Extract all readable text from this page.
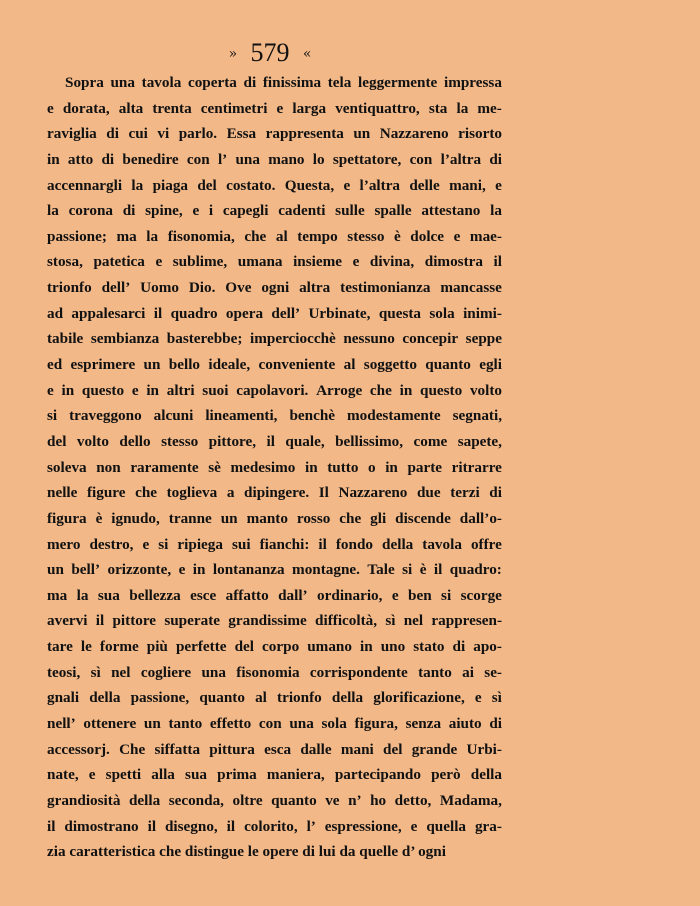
» 579 «
Sopra una tavola coperta di finissima tela leggermente impressa
e dorata, alta trenta centimetri e larga ventiquattro, sta la me-
raviglia di cui vi parlo. Essa rappresenta un Nazzareno risorto
in atto di benedire con l’ una mano lo spettatore, con l’altra di
accennargli la piaga del costato. Questa, e l’altra delle mani, e
la corona di spine, e i capegli cadenti sulle spalle attestano la
passione; ma la fisonomia, che al tempo stesso è dolce e mae-
stosa, patetica e sublime, umana insieme e divina, dimostra il
trionfo dell’ Uomo Dio. Ove ogni altra testimonianza mancasse
ad appalesarci il quadro opera dell’ Urbinate, questa sola inimi-
tabile sembianza basterebbe; imperciocchè nessuno concepir seppe
ed esprimere un bello ideale, conveniente al soggetto quanto egli
e in questo e in altri suoi capolavori. Arroge che in questo volto
si traveggono alcuni lineamenti, benchè modestamente segnati,
del volto dello stesso pittore, il quale, bellissimo, come sapete,
soleva non raramente sè medesimo in tutto o in parte ritrarre
nelle figure che toglieva a dipingere. Il Nazzareno due terzi di
figura è ignudo, tranne un manto rosso che gli discende dall’o-
mero destro, e si ripiega sui fianchi: il fondo della tavola offre
un bell’ orizzonte, e in lontananza montagne. Tale si è il quadro:
ma la sua bellezza esce affatto dall’ ordinario, e ben si scorge
avervi il pittore superate grandissime difficoltà, sì nel rappresen-
tare le forme più perfette del corpo umano in uno stato di apo-
teosi, sì nel cogliere una fisonomia corrispondente tanto ai se-
gnali della passione, quanto al trionfo della glorificazione, e sì
nell’ ottenere un tanto effetto con una sola figura, senza aiuto di
accessorj. Che siffatta pittura esca dalle mani del grande Urbi-
nate, e spetti alla sua prima maniera, partecipando però della
grandiosità della seconda, oltre quanto ve n’ ho detto, Madama,
il dimostrano il disegno, il colorito, l’ espressione, e quella gra-
zia caratteristica che distingue le opere di lui da quelle d’ ogni
